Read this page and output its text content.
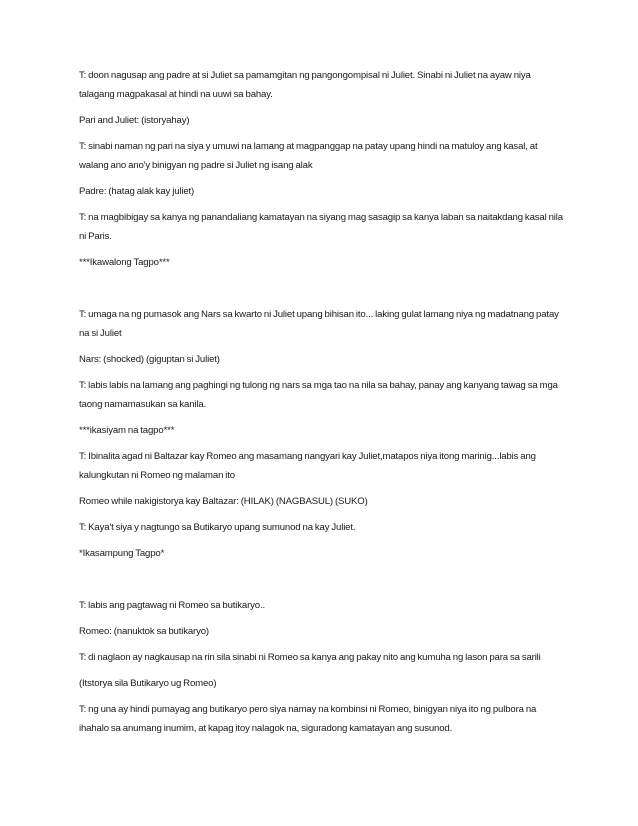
T: doon nagusap ang padre at si Juliet sa pamamgitan ng pangongompisal ni Juliet. Sinabi ni Juliet na ayaw niya talagang magpakasal at hindi na uuwi sa bahay.

Pari and Juliet: (istoryahay)

T: sinabi naman ng pari na siya y umuwi na lamang at magpanggap na patay upang hindi na matuloy ang kasal, at walang ano ano'y binigyan ng padre si Juliet ng isang alak

Padre: (hatag alak kay juliet)

T: na magbibigay sa kanya ng panandaliang kamatayan na siyang mag sasagip sa kanya laban sa naitakdang kasal nila ni Paris.

***Ikawalong Tagpo***

T: umaga na ng pumasok ang Nars sa kwarto ni Juliet upang bihisan ito... laking gulat lamang niya ng madatnang patay na si Juliet

Nars: (shocked) (giguptan si Juliet)

T: labis labis na lamang ang paghingi ng tulong ng nars sa mga tao na nila sa bahay, panay ang kanyang tawag sa mga taong namamasukan sa kanila.

***ikasiyam na tagpo***

T: Ibinalita agad ni Baltazar kay Romeo ang masamang nangyari kay Juliet,matapos niya itong marinig...labis ang kalungkutan ni Romeo ng malaman ito

Romeo while nakigistorya kay Baltazar: (HILAK) (NAGBASUL) (SUKO)

T: Kaya't siya y nagtungo sa Butikaryo upang sumunod na kay Juliet.

*Ikasampung Tagpo*

T: labis ang pagtawag ni Romeo sa butikaryo..

Romeo: (nanuktok sa butikaryo)

T: di naglaon ay nagkausap na rin sila sinabi ni Romeo sa kanya ang pakay nito ang kumuha ng lason para sa sarili

(Itstorya sila Butikaryo ug Romeo)

T: ng una ay hindi pumayag ang butikaryo pero siya namay na kombinsi ni Romeo, binigyan niya ito ng pulbora na ihahalo sa anumang inumim, at kapag itoy nalagok na, siguradong kamatayan ang susunod.
